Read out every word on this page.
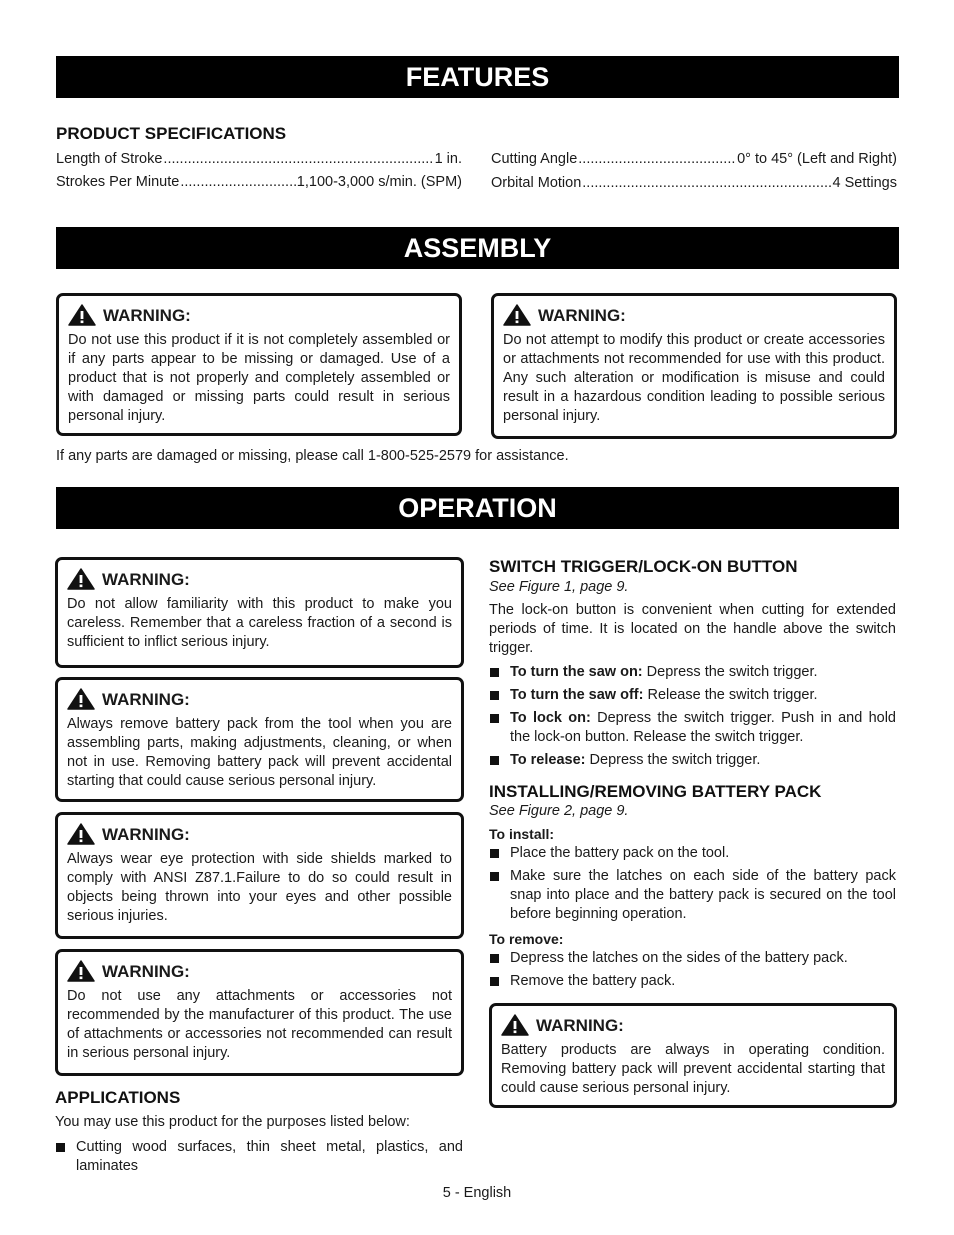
FEATURES
PRODUCT SPECIFICATIONS
Length of Stroke .....	1 in.
Strokes Per Minute .....	1,100-3,000 s/min. (SPM)
Cutting Angle .....	0° to 45° (Left and Right)
Orbital Motion .....	4 Settings
ASSEMBLY
WARNING:
Do not use this product if it is not completely assembled or if any parts appear to be missing or damaged. Use of a product that is not properly and completely assembled or with damaged or missing parts could result in serious personal injury.
WARNING:
Do not attempt to modify this product or create accessories or attachments not recommended for use with this product. Any such alteration or modification is misuse and could result in a hazardous condition leading to possible serious personal injury.
If any parts are damaged or missing, please call 1-800-525-2579 for assistance.
OPERATION
WARNING:
Do not allow familiarity with this product to make you careless. Remember that a careless fraction of a second is sufficient to inflict serious injury.
WARNING:
Always remove battery pack from the tool when you are assembling parts, making adjustments, cleaning, or when not in use. Removing battery pack will prevent accidental starting that could cause serious personal injury.
WARNING:
Always wear eye protection with side shields marked to comply with ANSI Z87.1.Failure to do so could result in objects being thrown into your eyes and other possible serious injuries.
WARNING:
Do not use any attachments or accessories not recommended by the manufacturer of this product. The use of attachments or accessories not recommended can result in serious personal injury.
APPLICATIONS
You may use this product for the purposes listed below:
Cutting wood surfaces, thin sheet metal, plastics, and laminates
SWITCH TRIGGER/LOCK-ON BUTTON
See Figure 1, page 9.
The lock-on button is convenient when cutting for extended periods of time. It is located on the handle above the switch trigger.
To turn the saw on: Depress the switch trigger.
To turn the saw off: Release the switch trigger.
To lock on: Depress the switch trigger. Push in and hold the lock-on button. Release the switch trigger.
To release: Depress the switch trigger.
INSTALLING/REMOVING BATTERY PACK
See Figure 2, page 9.
To install:
Place the battery pack on the tool.
Make sure the latches on each side of the battery pack snap into place and the battery pack is secured on the tool before beginning operation.
To remove:
Depress the latches on the sides of the battery pack.
Remove the battery pack.
WARNING:
Battery products are always in operating condition. Removing battery pack will prevent accidental starting that could cause serious personal injury.
5 - English
